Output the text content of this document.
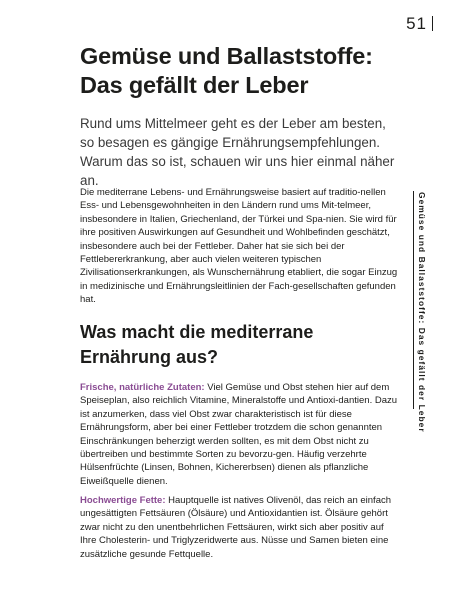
51
Gemüse und Ballaststoffe:
Das gefällt der Leber

Rund ums Mittelmeer geht es der Leber am besten, so besagen es gängige Ernährungsempfehlungen. Warum das so ist, schauen wir uns hier einmal näher an.

Die mediterrane Lebens- und Ernährungsweise basiert auf traditio-nellen Ess- und Lebensgewohnheiten in den Ländern rund ums Mit-telmeer, insbesondere in Italien, Griechenland, der Türkei und Spa-nien. Sie wird für ihre positiven Auswirkungen auf Gesundheit und Wohlbefinden geschätzt, insbesondere auch bei der Fettleber. Daher hat sie sich bei der Fettlebererkrankung, aber auch vielen weiteren typischen Zivilisationserkrankungen, als Wunschernährung etabliert, die sogar Einzug in medizinische und Ernährungsleitlinien der Fach-gesellschaften gefunden hat.

Was macht die mediterrane
Ernährung aus?

Frische, natürliche Zutaten: Viel Gemüse und Obst stehen hier auf dem Speiseplan, also reichlich Vitamine, Mineralstoffe und Antioxi-dantien. Dazu ist anzumerken, dass viel Obst zwar charakteristisch ist für diese Ernährungsform, aber bei einer Fettleber trotzdem die schon genannten Einschränkungen beherzigt werden sollten, es mit dem Obst nicht zu übertreiben und bestimmte Sorten zu bevorzu-gen. Häufig verzehrte Hülsenfrüchte (Linsen, Bohnen, Kichererbsen) dienen als pflanzliche Eiweißquelle dienen.

Hochwertige Fette: Hauptquelle ist natives Olivenöl, das reich an einfach ungesättigten Fettsäuren (Ölsäure) und Antioxidantien ist. Ölsäure gehört zwar nicht zu den unentbehrlichen Fettsäuren, wirkt sich aber positiv auf Ihre Cholesterin- und Triglyzeridwerte aus. Nüsse und Samen bieten eine zusätzliche gesunde Fettquelle.

Gemüse und Ballaststoffe: Das gefällt der Leber
